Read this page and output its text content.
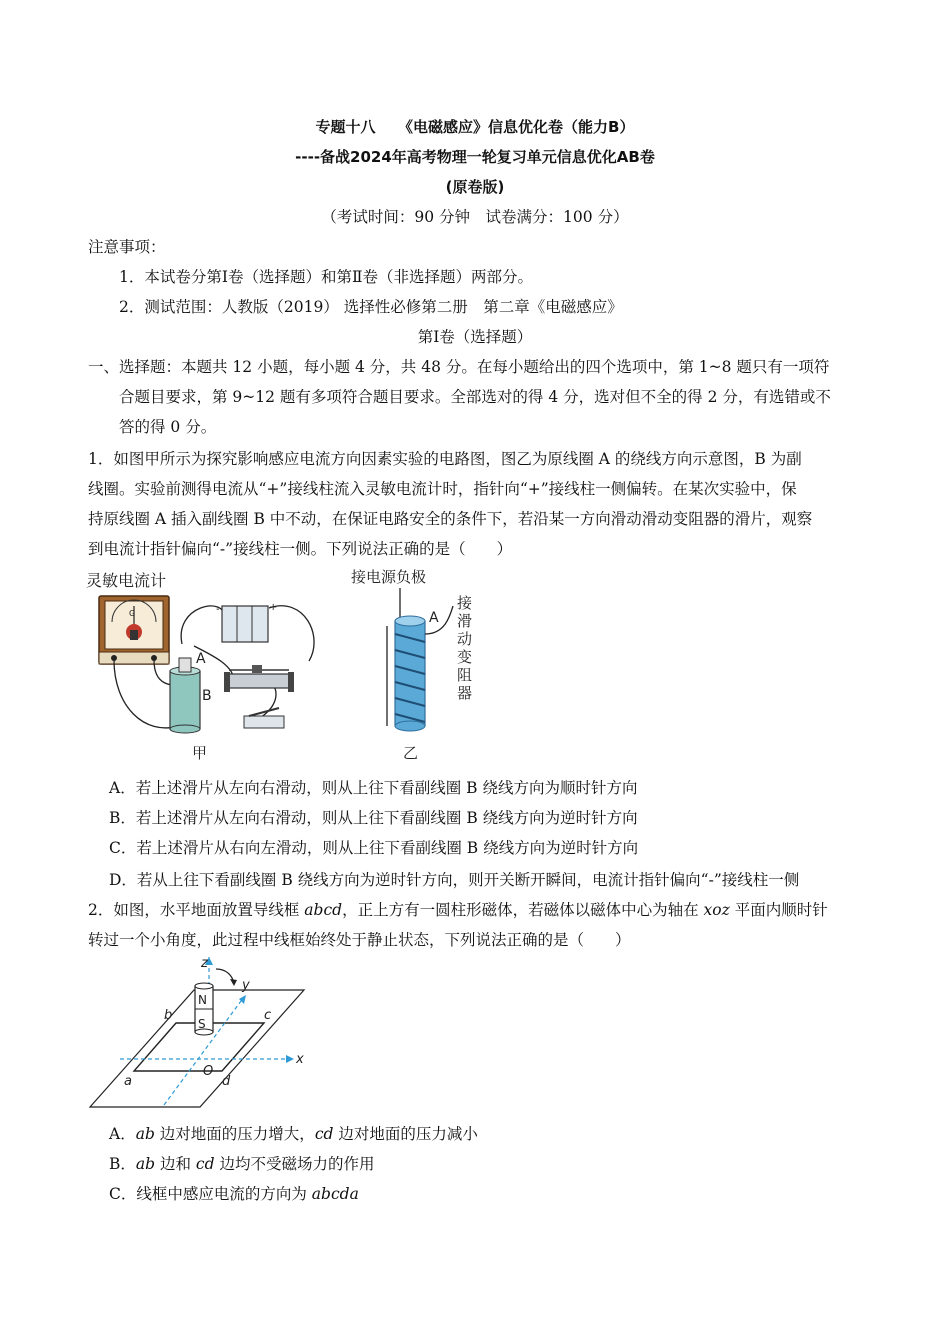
专题十八　　《电磁感应》信息优化卷（能力B）
----备战2024年高考物理一轮复习单元信息优化AB卷
(原卷版)
（考试时间：90 分钟　试卷满分：100 分）
注意事项：
1．本试卷分第Ⅰ卷（选择题）和第Ⅱ卷（非选择题）两部分。
2．测试范围：人教版（2019） 选择性必修第二册　第二章《电磁感应》
第Ⅰ卷（选择题）
一、选择题：本题共 12 小题，每小题 4 分，共 48 分。在每小题给出的四个选项中，第 1~8 题只有一项符
合题目要求，第 9~12 题有多项符合题目要求。全部选对的得 4 分，选对但不全的得 2 分，有选错或不
答的得 0 分。
1．如图甲所示为探究影响感应电流方向因素实验的电路图，图乙为原线圈 A 的绕线方向示意图，B 为副
线圈。实验前测得电流从“+”接线柱流入灵敏电流计时，指针向“+”接线柱一侧偏转。在某次实验中，保
持原线圈 A 插入副线圈 B 中不动，在保证电路安全的条件下，若沿某一方向滑动滑动变阻器的滑片，观察
到电流计指针偏向“-”接线柱一侧。下列说法正确的是（　　）
灵敏电流计
G	-	+
A
B
甲
接电源负极
接
滑
动
变
阻
器
A
乙
A．若上述滑片从左向右滑动，则从上往下看副线圈 B 绕线方向为顺时针方向
B．若上述滑片从左向右滑动，则从上往下看副线圈 B 绕线方向为逆时针方向
C．若上述滑片从右向左滑动，则从上往下看副线圈 B 绕线方向为逆时针方向
D．若从上往下看副线圈 B 绕线方向为逆时针方向，则开关断开瞬间，电流计指针偏向“-”接线柱一侧
2．如图，水平地面放置导线框 abcd，正上方有一圆柱形磁体，若磁体以磁体中心为轴在 xoz 平面内顺时针
转过一个小角度，此过程中线框始终处于静止状态，下列说法正确的是（　　）
N
S
z
y
x
O
a
b	c
d
A．ab 边对地面的压力增大，cd 边对地面的压力减小
B．ab 边和 cd 边均不受磁场力的作用
C．线框中感应电流的方向为 abcda
